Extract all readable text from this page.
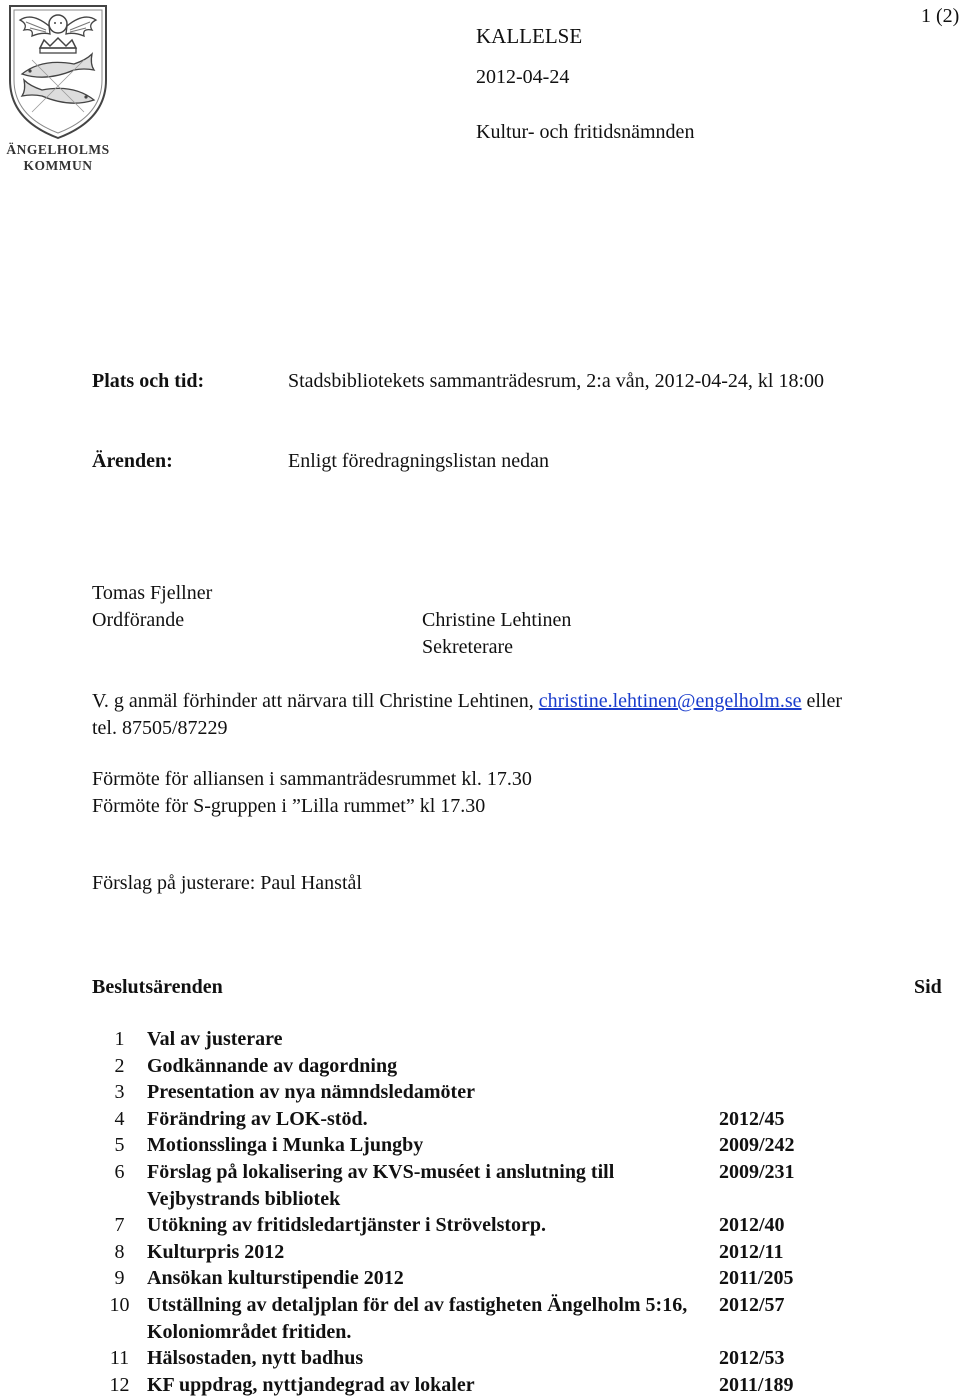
ÄNGELHOLMS
KOMMUN
KALLELSE
2012-04-24
Kultur- och fritidsnämnden
1 (2)
Plats och tid:	Stadsbibliotekets sammanträdesrum, 2:a vån, 2012-04-24, kl 18:00
Ärenden:	Enligt föredragningslistan nedan
Tomas Fjellner
Ordförande	Christine Lehtinen
Sekreterare
V. g anmäl förhinder att närvara till Christine Lehtinen, christine.lehtinen@engelholm.se eller
tel. 87505/87229
Förmöte för alliansen i sammanträdesrummet kl. 17.30
Förmöte för S-gruppen i ”Lilla rummet” kl 17.30
Förslag på justerare: Paul Hanstål
Beslutsärenden	Sid
1	Val av justerare	
2	Godkännande av dagordning	
3	Presentation av nya nämndsledamöter	
4	Förändring av LOK-stöd.	2012/45
5	Motionsslinga i Munka Ljungby	2009/242
6	Förslag på lokalisering av KVS-muséet i anslutning till Vejbystrands bibliotek	2009/231
7	Utökning av fritidsledartjänster i Strövelstorp.	2012/40
8	Kulturpris 2012	2012/11
9	Ansökan kulturstipendie 2012	2011/205
10	Utställning av detaljplan för del av fastigheten Ängelholm 5:16, Koloniområdet fritiden.	2012/57
11	Hälsostaden, nytt badhus	2012/53
12	KF uppdrag, nyttjandegrad av lokaler	2011/189
